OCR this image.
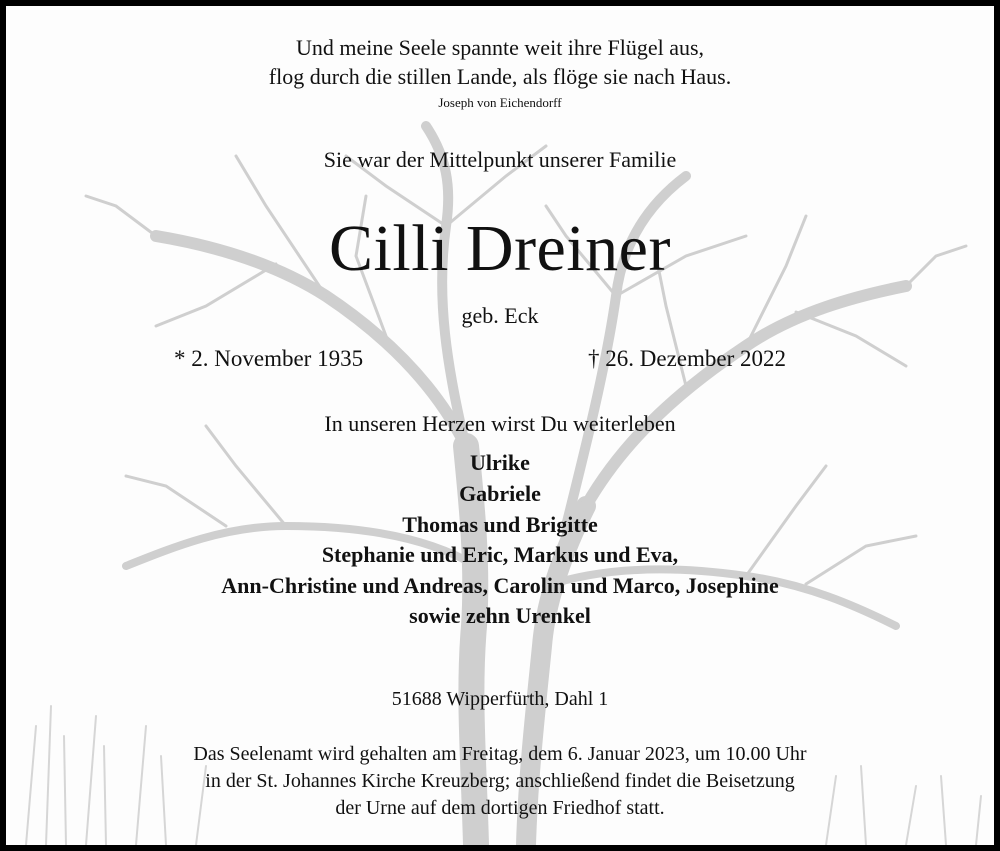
Und meine Seele spannte weit ihre Flügel aus,

flog durch die stillen Lande, als flöge sie nach Haus.

Joseph von Eichendorff

Sie war der Mittelpunkt unserer Familie

Cilli Dreiner

geb. Eck

* 2. November 1935	† 26. Dezember 2022

In unseren Herzen wirst Du weiterleben

Ulrike

Gabriele

Thomas und Brigitte

Stephanie und Eric, Markus und Eva,

Ann-Christine und Andreas, Carolin und Marco, Josephine

sowie zehn Urenkel

51688 Wipperfürth, Dahl 1

Das Seelenamt wird gehalten am Freitag, dem 6. Januar 2023, um 10.00 Uhr

in der St. Johannes Kirche Kreuzberg; anschließend findet die Beisetzung

der Urne auf dem dortigen Friedhof statt.
